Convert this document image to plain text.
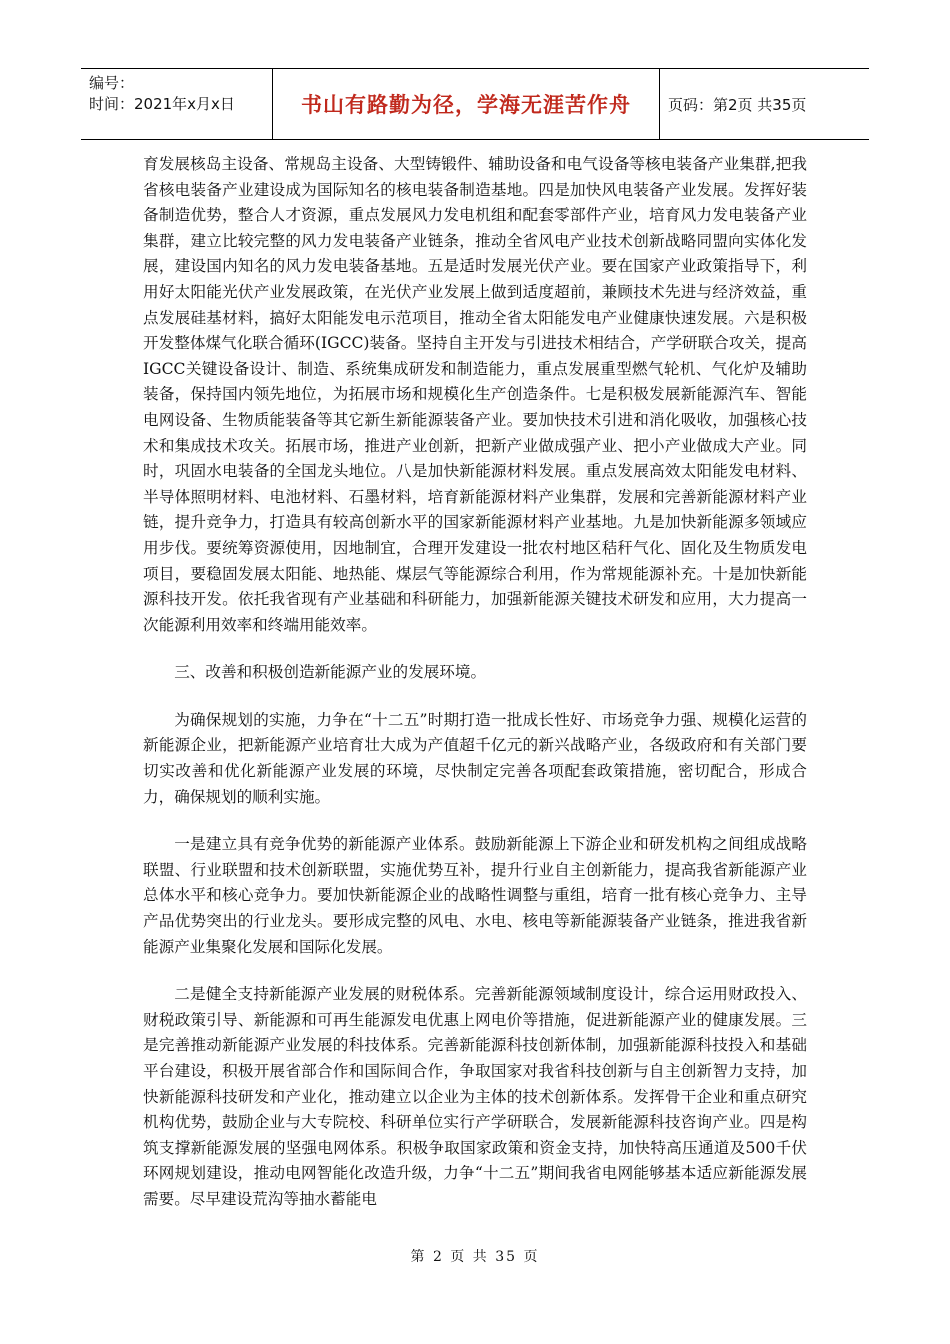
编号：
时间：2021年x月x日	书山有路勤为径，学海无涯苦作舟 页码：第2页 共35页

育发展核岛主设备、常规岛主设备、大型铸锻件、辅助设备和电气设备等核电装备产业集群,把我省核电装备产业建设成为国际知名的核电装备制造基地。四是加快风电装备产业发展。发挥好装备制造优势，整合人才资源，重点发展风力发电机组和配套零部件产业，培育风力发电装备产业集群，建立比较完整的风力发电装备产业链条，推动全省风电产业技术创新战略同盟向实体化发展，建设国内知名的风力发电装备基地。五是适时发展光伏产业。要在国家产业政策指导下，利用好太阳能光伏产业发展政策，在光伏产业发展上做到适度超前，兼顾技术先进与经济效益，重点发展硅基材料，搞好太阳能发电示范项目，推动全省太阳能发电产业健康快速发展。六是积极开发整体煤气化联合循环(IGCC)装备。坚持自主开发与引进技术相结合，产学研联合攻关，提高IGCC关键设备设计、制造、系统集成研发和制造能力，重点发展重型燃气轮机、气化炉及辅助装备，保持国内领先地位，为拓展市场和规模化生产创造条件。七是积极发展新能源汽车、智能电网设备、生物质能装备等其它新生新能源装备产业。要加快技术引进和消化吸收，加强核心技术和集成技术攻关。拓展市场，推进产业创新，把新产业做成强产业、把小产业做成大产业。同时，巩固水电装备的全国龙头地位。八是加快新能源材料发展。重点发展高效太阳能发电材料、半导体照明材料、电池材料、石墨材料，培育新能源材料产业集群，发展和完善新能源材料产业链，提升竞争力，打造具有较高创新水平的国家新能源材料产业基地。九是加快新能源多领域应用步伐。要统筹资源使用，因地制宜，合理开发建设一批农村地区秸秆气化、固化及生物质发电项目，要稳固发展太阳能、地热能、煤层气等能源综合利用，作为常规能源补充。十是加快新能源科技开发。依托我省现有产业基础和科研能力，加强新能源关键技术研发和应用，大力提高一次能源利用效率和终端用能效率。

三、改善和积极创造新能源产业的发展环境。

为确保规划的实施，力争在“十二五”时期打造一批成长性好、市场竞争力强、规模化运营的新能源企业，把新能源产业培育壮大成为产值超千亿元的新兴战略产业，各级政府和有关部门要切实改善和优化新能源产业发展的环境，尽快制定完善各项配套政策措施，密切配合，形成合力，确保规划的顺利实施。

一是建立具有竞争优势的新能源产业体系。鼓励新能源上下游企业和研发机构之间组成战略联盟、行业联盟和技术创新联盟，实施优势互补，提升行业自主创新能力，提高我省新能源产业总体水平和核心竞争力。要加快新能源企业的战略性调整与重组，培育一批有核心竞争力、主导产品优势突出的行业龙头。要形成完整的风电、水电、核电等新能源装备产业链条，推进我省新能源产业集聚化发展和国际化发展。

二是健全支持新能源产业发展的财税体系。完善新能源领域制度设计，综合运用财政投入、财税政策引导、新能源和可再生能源发电优惠上网电价等措施，促进新能源产业的健康发展。三是完善推动新能源产业发展的科技体系。完善新能源科技创新体制，加强新能源科技投入和基础平台建设，积极开展省部合作和国际间合作，争取国家对我省科技创新与自主创新智力支持，加快新能源科技研发和产业化，推动建立以企业为主体的技术创新体系。发挥骨干企业和重点研究机构优势，鼓励企业与大专院校、科研单位实行产学研联合，发展新能源科技咨询产业。四是构筑支撑新能源发展的坚强电网体系。积极争取国家政策和资金支持，加快特高压通道及500千伏环网规划建设，推动电网智能化改造升级，力争“十二五”期间我省电网能够基本适应新能源发展需要。尽早建设荒沟等抽水蓄能电

第 2 页 共 35 页
